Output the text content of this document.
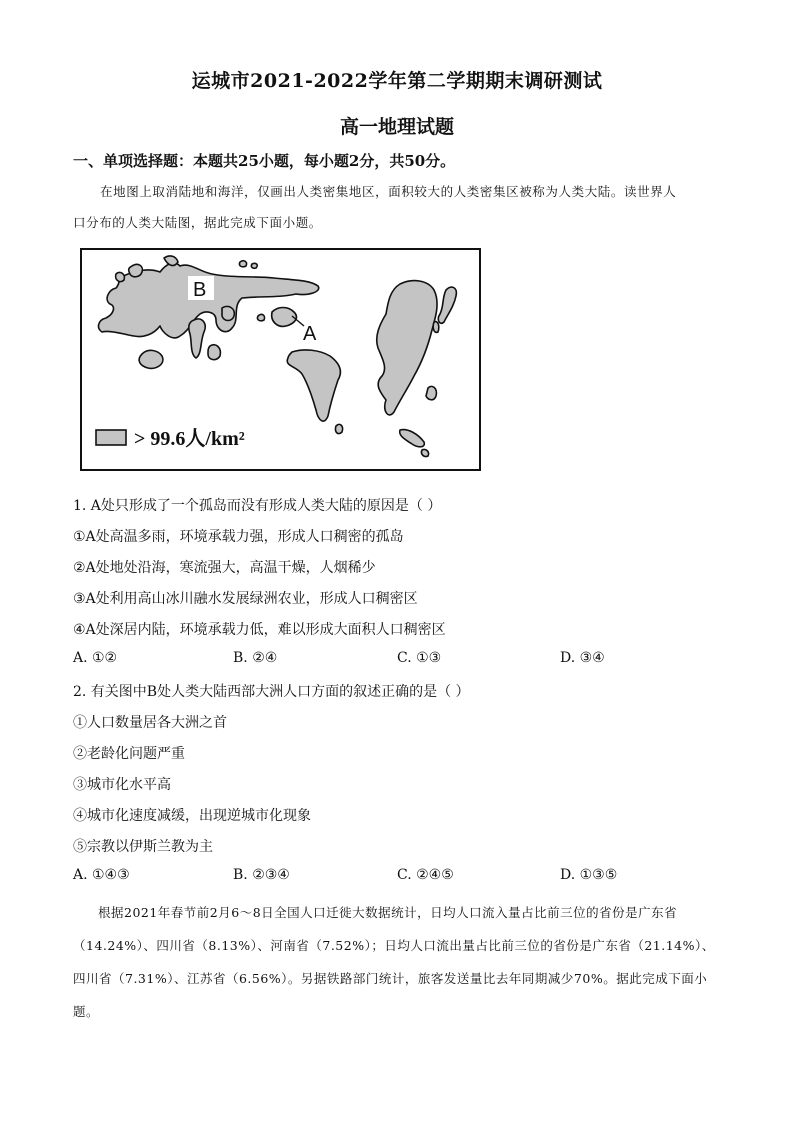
运城市2021-2022学年第二学期期末调研测试
高一地理试题
一、单项选择题：本题共25小题，每小题2分，共50分。
在地图上取消陆地和海洋，仅画出人类密集地区，面积较大的人类密集区被称为人类大陆。读世界人
口分布的人类大陆图，据此完成下面小题。
B
A
> 99.6人/km²
1. A处只形成了一个孤岛而没有形成人类大陆的原因是（ ）
①A处高温多雨，环境承载力强，形成人口稠密的孤岛
②A处地处沿海，寒流强大，高温干燥，人烟稀少
③A处利用高山冰川融水发展绿洲农业，形成人口稠密区
④A处深居内陆，环境承载力低，难以形成大面积人口稠密区
A. ①②	B. ②④	C. ①③	D. ③④
2. 有关图中B处人类大陆西部大洲人口方面的叙述正确的是（ ）
①人口数量居各大洲之首
②老龄化问题严重
③城市化水平高
④城市化速度减缓，出现逆城市化现象
⑤宗教以伊斯兰教为主
A. ①④③	B. ②③④	C. ②④⑤	D. ①③⑤
根据2021年春节前2月6～8日全国人口迁徙大数据统计，日均人口流入量占比前三位的省份是广东省（14.24%）、四川省（8.13%）、河南省（7.52%）；日均人口流出量占比前三位的省份是广东省（21.14%）、四川省（7.31%）、江苏省（6.56%）。另据铁路部门统计，旅客发送量比去年同期减少70%。据此完成下面小题。
